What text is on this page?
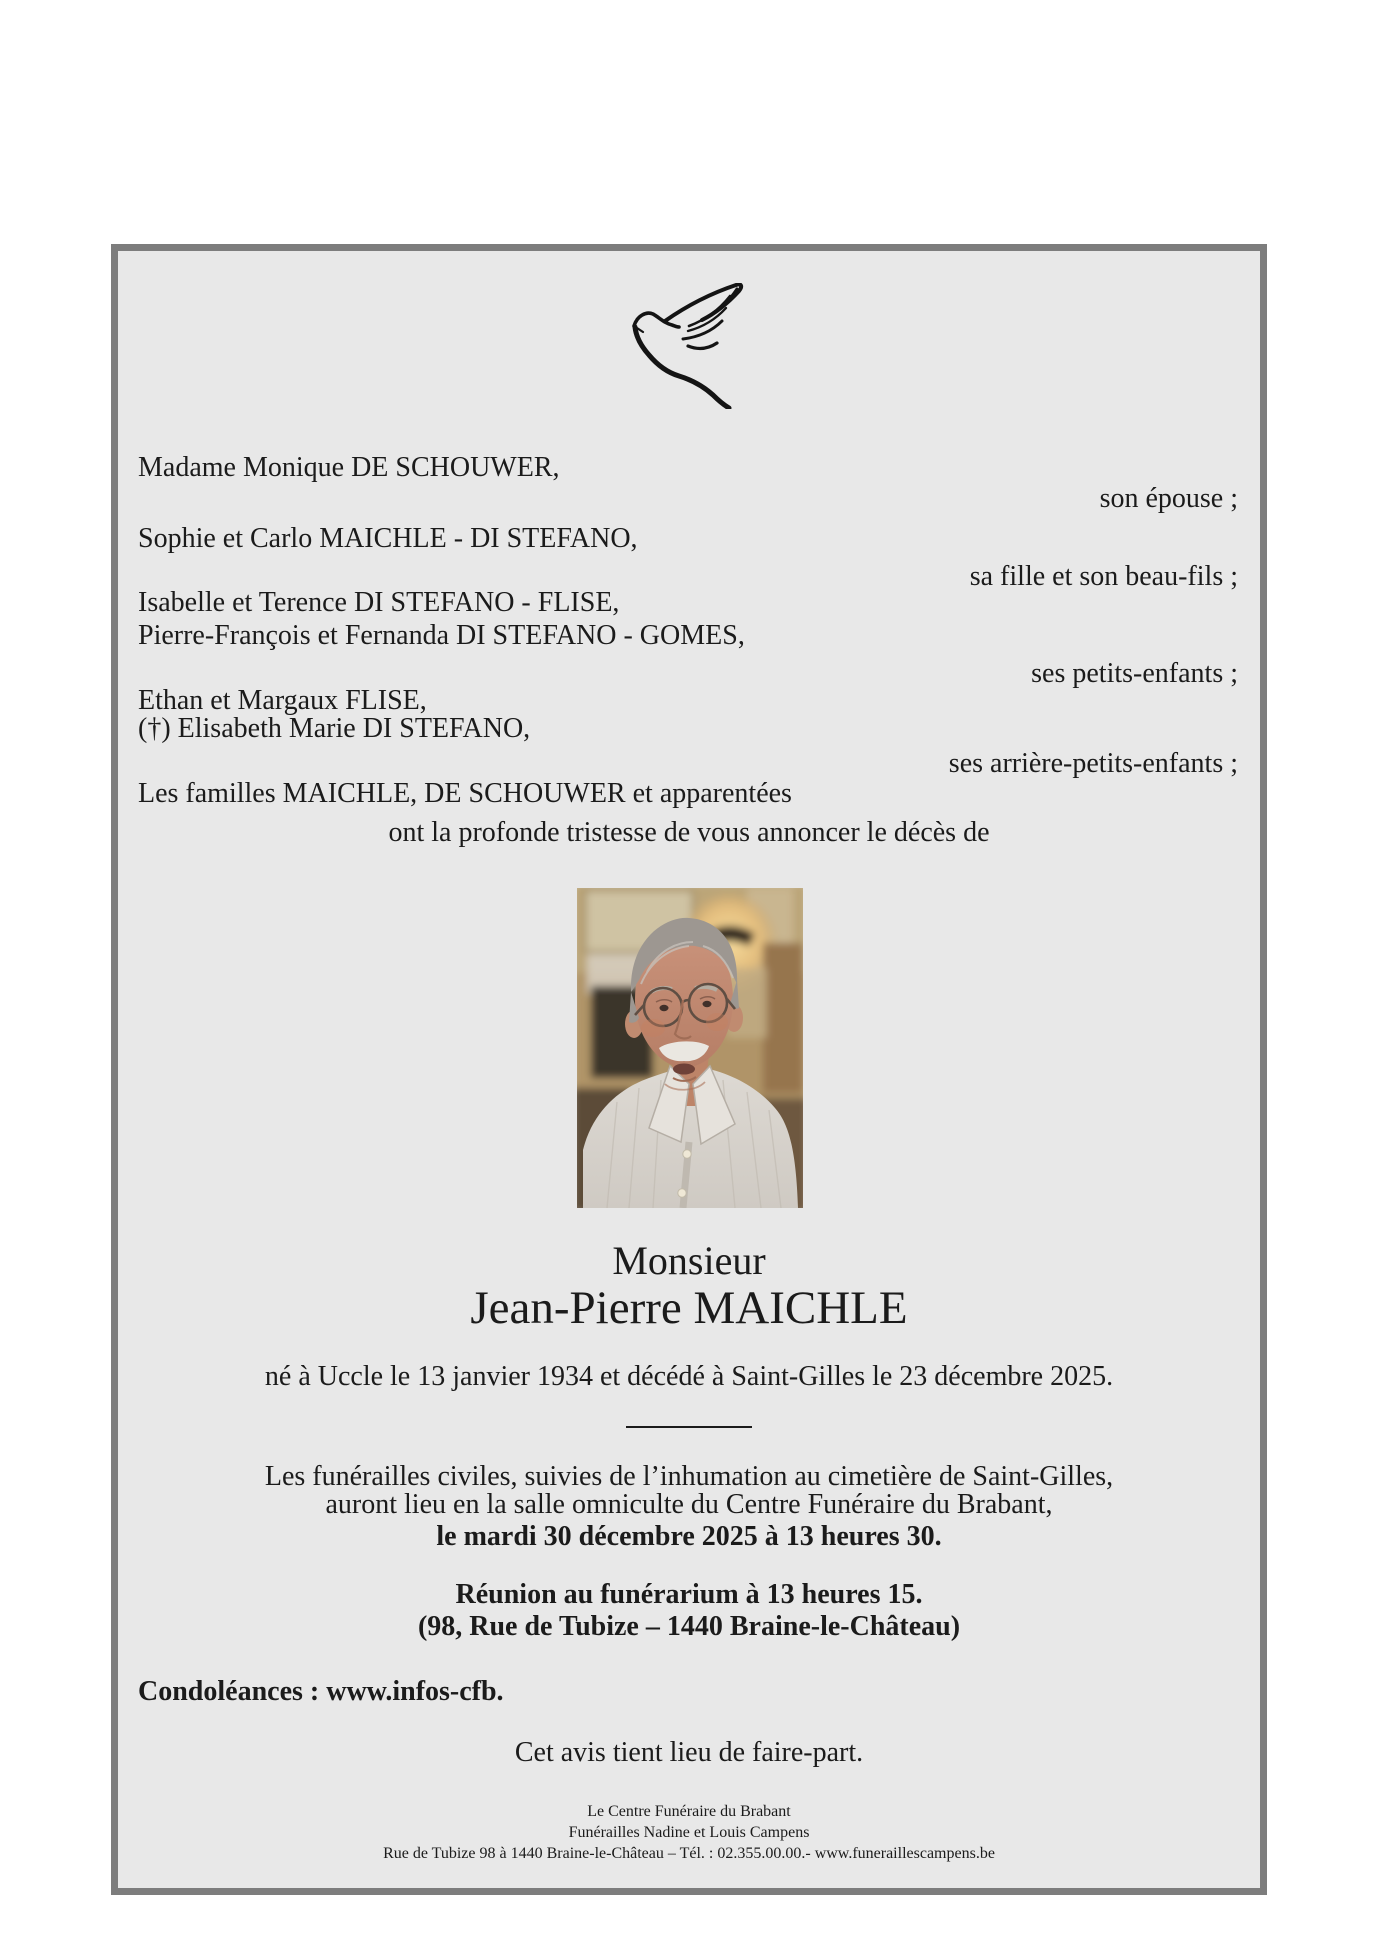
Madame Monique DE SCHOUWER,
son épouse ;
Sophie et Carlo MAICHLE - DI STEFANO,
sa fille et son beau-fils ;
Isabelle et Terence DI STEFANO - FLISE,
Pierre-François et Fernanda DI STEFANO - GOMES,
ses petits-enfants ;
Ethan et Margaux FLISE,
(†) Elisabeth Marie DI STEFANO,
ses arrière-petits-enfants ;
Les familles MAICHLE, DE SCHOUWER et apparentées
ont la profonde tristesse de vous annoncer le décès de
Monsieur
Jean-Pierre MAICHLE
né à Uccle le 13 janvier 1934 et décédé à Saint-Gilles le 23 décembre 2025.
Les funérailles civiles, suivies de l’inhumation au cimetière de Saint-Gilles,
auront lieu en la salle omniculte du Centre Funéraire du Brabant,
le mardi 30 décembre 2025 à 13 heures 30.
Réunion au funérarium à 13 heures 15.
(98, Rue de Tubize – 1440 Braine-le-Château)
Condoléances : www.infos-cfb.
Cet avis tient lieu de faire-part.
Le Centre Funéraire du Brabant
Funérailles Nadine et Louis Campens
Rue de Tubize 98 à 1440 Braine-le-Château – Tél. : 02.355.00.00.- www.funeraillescampens.be
